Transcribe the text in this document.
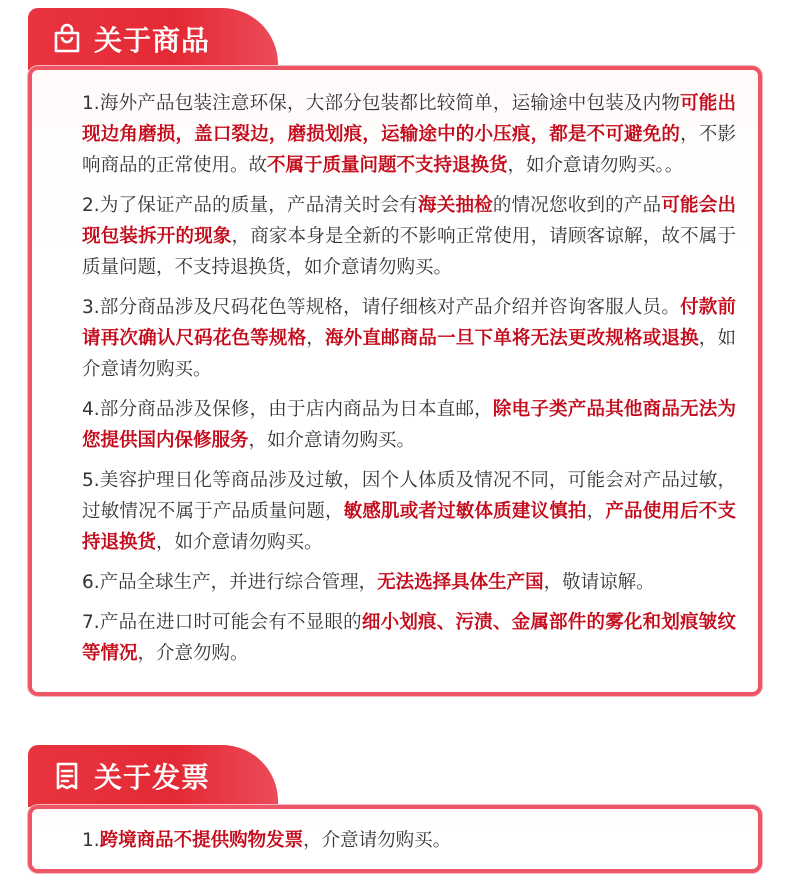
关于商品

1.海外产品包装注意环保，大部分包装都比较简单，运输途中包装及内物可能出现边角磨损，盖口裂边，磨损划痕，运输途中的小压痕，都是不可避免的，不影响商品的正常使用。故不属于质量问题不支持退换货，如介意请勿购买。。

2.为了保证产品的质量，产品清关时会有海关抽检的情况您收到的产品可能会出现包装拆开的现象，商家本身是全新的不影响正常使用，请顾客谅解，故不属于质量问题，不支持退换货，如介意请勿购买。

3.部分商品涉及尺码花色等规格，请仔细核对产品介绍并咨询客服人员。付款前请再次确认尺码花色等规格，海外直邮商品一旦下单将无法更改规格或退换，如介意请勿购买。

4.部分商品涉及保修，由于店内商品为日本直邮，除电子类产品其他商品无法为您提供国内保修服务，如介意请勿购买。

5.美容护理日化等商品涉及过敏，因个人体质及情况不同，可能会对产品过敏，过敏情况不属于产品质量问题，敏感肌或者过敏体质建议慎拍，产品使用后不支持退换货，如介意请勿购买。

6.产品全球生产，并进行综合管理，无法选择具体生产国，敬请谅解。

7.产品在进口时可能会有不显眼的细小划痕、污渍、金属部件的雾化和划痕皱纹等情况，介意勿购。

关于发票

1.跨境商品不提供购物发票，介意请勿购买。
